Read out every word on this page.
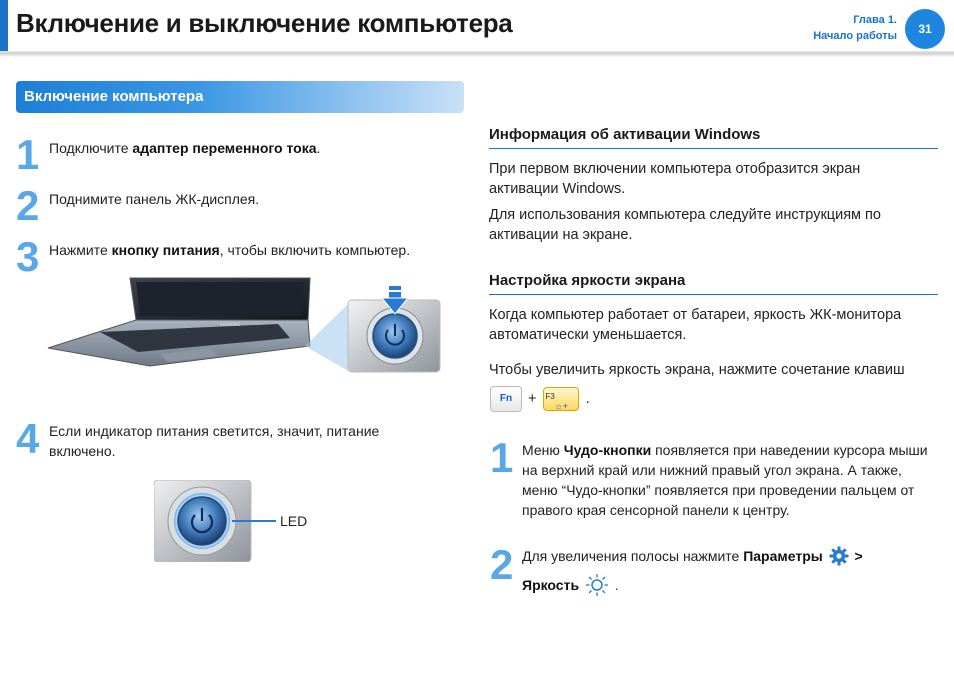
Включение и выключение компьютера	Глава 1.
Начало работы	31
Включение компьютера
1 Подключите адаптер переменного тока.
2 Поднимите панель ЖК-дисплея.
3 Нажмите кнопку питания, чтобы включить компьютер.
SAMSUNG
4 Если индикатор питания светится, значит, питание включено.
LED
Информация об активации Windows
При первом включении компьютера отобразится экран активации Windows.
Для использования компьютера следуйте инструкциям по активации на экране.
Настройка яркости экрана
Когда компьютер работает от батареи, яркость ЖК-монитора автоматически уменьшается.
Чтобы увеличить яркость экрана, нажмите сочетание клавиш
Fn + F3
☼+ .
1 Меню Чудо-кнопки появляется при наведении курсора мыши на верхний край или нижний правый угол экрана. А также, меню “Чудо-кнопки” появляется при проведении пальцем от правого края сенсорной панели к центру.
2 Для увеличения полосы нажмите Параметры >
Яркость	.
